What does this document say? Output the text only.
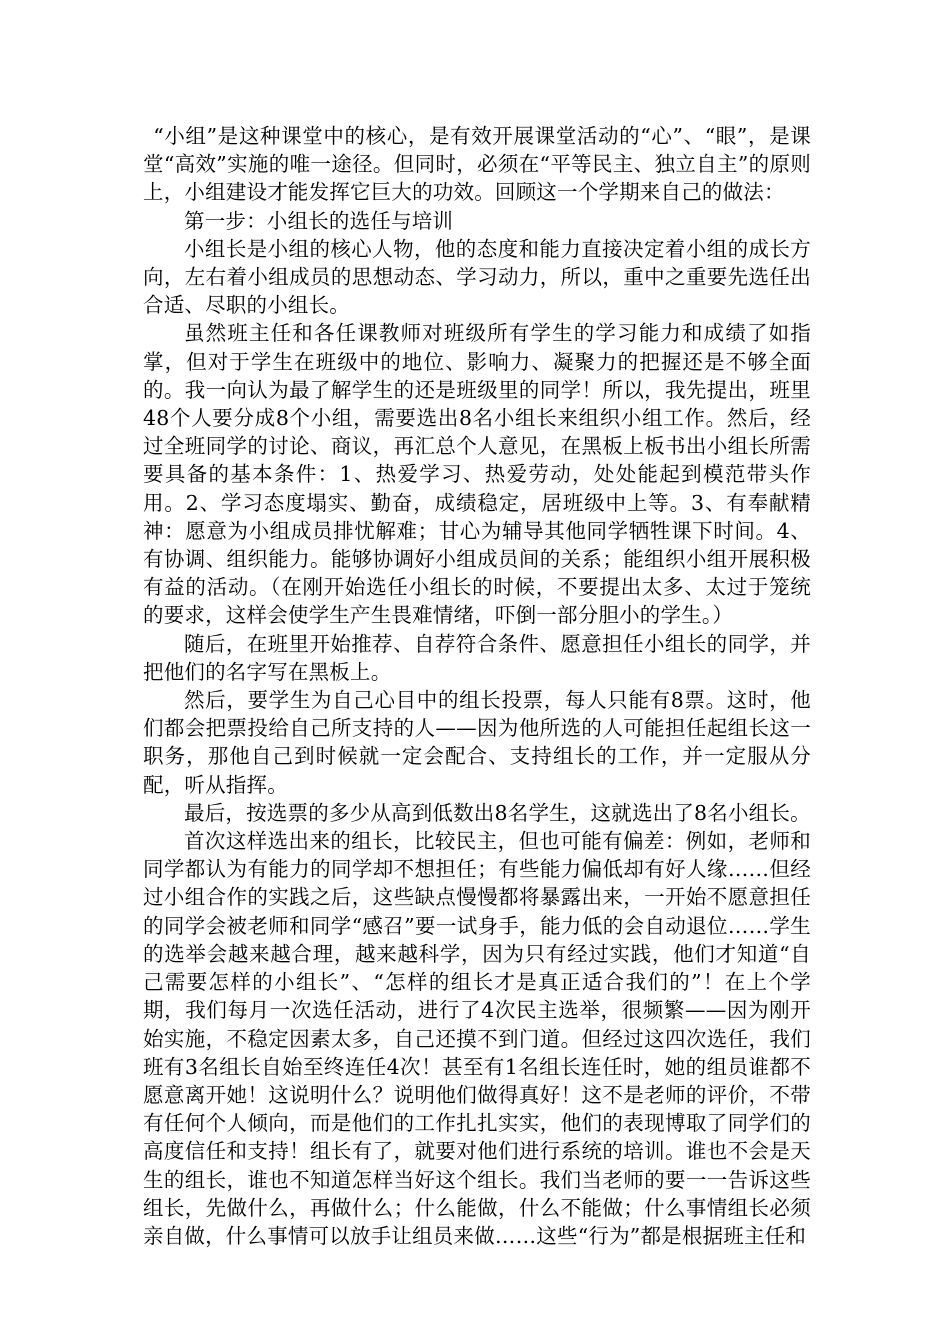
“小组”是这种课堂中的核心，是有效开展课堂活动的“心”、“眼”，是课堂“高效”实施的唯一途径。但同时，必须在“平等民主、独立自主”的原则上，小组建设才能发挥它巨大的功效。回顾这一个学期来自己的做法：

第一步：小组长的选任与培训

小组长是小组的核心人物，他的态度和能力直接决定着小组的成长方向，左右着小组成员的思想动态、学习动力，所以，重中之重要先选任出合适、尽职的小组长。

虽然班主任和各任课教师对班级所有学生的学习能力和成绩了如指掌，但对于学生在班级中的地位、影响力、凝聚力的把握还是不够全面的。我一向认为最了解学生的还是班级里的同学！所以，我先提出，班里48个人要分成8个小组，需要选出8名小组长来组织小组工作。然后，经过全班同学的讨论、商议，再汇总个人意见，在黑板上板书出小组长所需要具备的基本条件：1、热爱学习、热爱劳动，处处能起到模范带头作用。2、学习态度塌实、勤奋，成绩稳定，居班级中上等。3、有奉献精神：愿意为小组成员排忧解难；甘心为辅导其他同学牺牲课下时间。4、有协调、组织能力。能够协调好小组成员间的关系；能组织小组开展积极有益的活动。（在刚开始选任小组长的时候，不要提出太多、太过于笼统的要求，这样会使学生产生畏难情绪，吓倒一部分胆小的学生。）

随后，在班里开始推荐、自荐符合条件、愿意担任小组长的同学，并把他们的名字写在黑板上。

然后，要学生为自己心目中的组长投票，每人只能有8票。这时，他们都会把票投给自己所支持的人——因为他所选的人可能担任起组长这一职务，那他自己到时候就一定会配合、支持组长的工作，并一定服从分配，听从指挥。

最后，按选票的多少从高到低数出8名学生，这就选出了8名小组长。

首次这样选出来的组长，比较民主，但也可能有偏差：例如，老师和同学都认为有能力的同学却不想担任；有些能力偏低却有好人缘……但经过小组合作的实践之后，这些缺点慢慢都将暴露出来，一开始不愿意担任的同学会被老师和同学“感召”要一试身手，能力低的会自动退位……学生的选举会越来越合理，越来越科学，因为只有经过实践，他们才知道“自己需要怎样的小组长”、“怎样的组长才是真正适合我们的”！在上个学期，我们每月一次选任活动，进行了4次民主选举，很频繁——因为刚开始实施，不稳定因素太多，自己还摸不到门道。但经过这四次选任，我们班有3名组长自始至终连任4次！甚至有1名组长连任时，她的组员谁都不愿意离开她！这说明什么？说明他们做得真好！这不是老师的评价，不带有任何个人倾向，而是他们的工作扎扎实实，他们的表现博取了同学们的高度信任和支持！组长有了，就要对他们进行系统的培训。谁也不会是天生的组长，谁也不知道怎样当好这个组长。我们当老师的要一一告诉这些组长，先做什么，再做什么；什么能做，什么不能做；什么事情组长必须亲自做，什么事情可以放手让组员来做……这些“行为”都是根据班主任和
